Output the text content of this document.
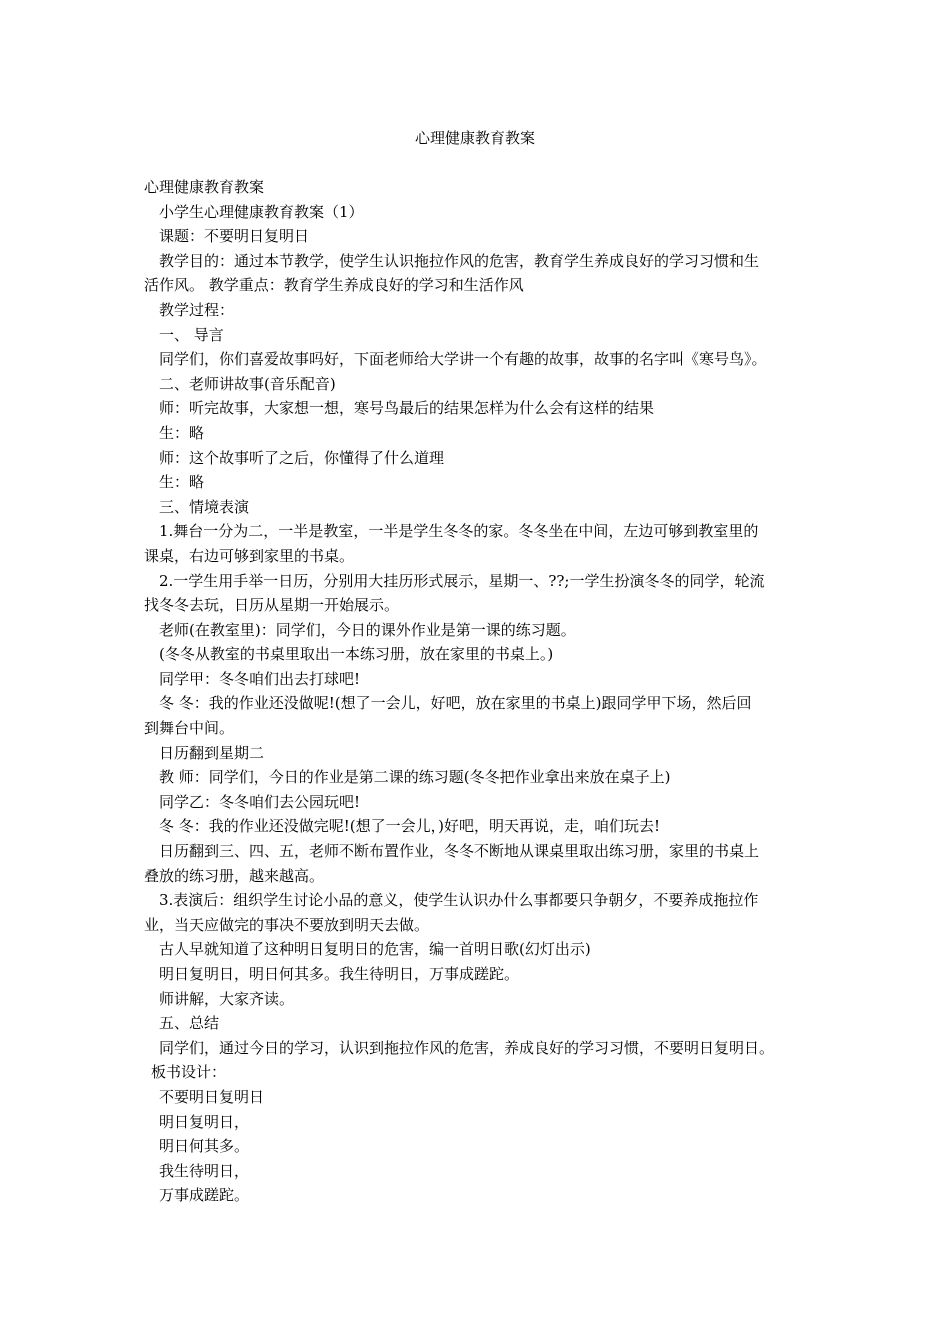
心理健康教育教案
心理健康教育教案
小学生心理健康教育教案（1）
课题：不要明日复明日
教学目的：通过本节教学，使学生认识拖拉作风的危害，教育学生养成良好的学习习惯和生
活作风。 教学重点：教育学生养成良好的学习和生活作风
教学过程：
一、 导言
同学们，你们喜爱故事吗好，下面老师给大学讲一个有趣的故事，故事的名字叫《寒号鸟》。
二、老师讲故事(音乐配音)
师：听完故事，大家想一想，寒号鸟最后的结果怎样为什么会有这样的结果
生：略
师：这个故事听了之后，你懂得了什么道理
生：略
三、情境表演
1.舞台一分为二，一半是教室，一半是学生冬冬的家。冬冬坐在中间，左边可够到教室里的
课桌，右边可够到家里的书桌。
2.一学生用手举一日历，分别用大挂历形式展示，星期一、??;一学生扮演冬冬的同学，轮流
找冬冬去玩，日历从星期一开始展示。
老师(在教室里)：同学们，今日的课外作业是第一课的练习题。
(冬冬从教室的书桌里取出一本练习册，放在家里的书桌上。)
同学甲：冬冬咱们出去打球吧!
冬 冬：我的作业还没做呢!(想了一会儿，好吧，放在家里的书桌上)跟同学甲下场，然后回
到舞台中间。
日历翻到星期二
教 师：同学们，今日的作业是第二课的练习题(冬冬把作业拿出来放在桌子上)
同学乙：冬冬咱们去公园玩吧!
冬 冬：我的作业还没做完呢!(想了一会儿，)好吧，明天再说，走，咱们玩去!
日历翻到三、四、五，老师不断布置作业，冬冬不断地从课桌里取出练习册，家里的书桌上
叠放的练习册，越来越高。
3.表演后：组织学生讨论小品的意义，使学生认识办什么事都要只争朝夕，不要养成拖拉作
业，当天应做完的事决不要放到明天去做。
古人早就知道了这种明日复明日的危害，编一首明日歌(幻灯出示)
明日复明日，明日何其多。我生待明日，万事成蹉跎。
师讲解，大家齐读。
五、总结
同学们，通过今日的学习，认识到拖拉作风的危害，养成良好的学习习惯，不要明日复明日。
板书设计：
不要明日复明日
明日复明日，
明日何其多。
我生待明日，
万事成蹉跎。
